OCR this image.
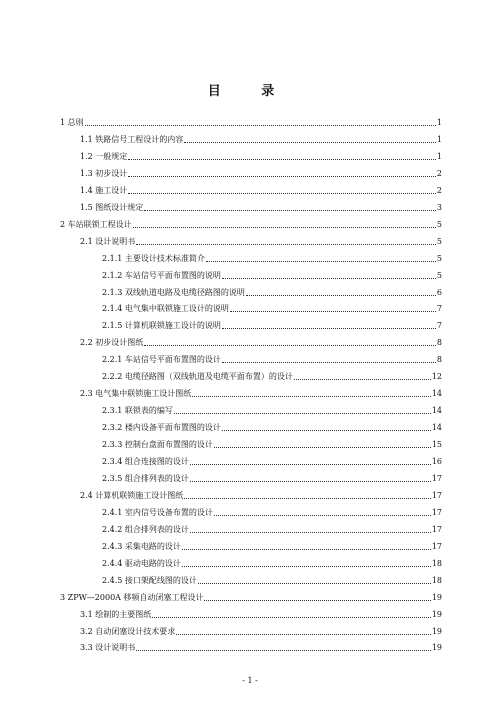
目 录
1 总则	1
1.1 铁路信号工程设计的内容	1
1.2 一般规定	1
1.3 初步设计	2
1.4 施工设计	2
1.5 图纸设计规定	3
2 车站联锁工程设计	5
2.1 设计说明书	5
2.1.1 主要设计技术标准简介	5
2.1.2 车站信号平面布置图的说明	5
2.1.3 双线轨道电路及电缆径路图的说明	6
2.1.4 电气集中联锁施工设计的说明	7
2.1.5 计算机联锁施工设计的说明	7
2.2 初步设计图纸	8
2.2.1 车站信号平面布置图的设计	8
2.2.2 电缆径路图（双线轨道及电缆平面布置）的设计	12
2.3 电气集中联锁施工设计图纸	14
2.3.1 联锁表的编写	14
2.3.2 楼内设备平面布置图的设计	14
2.3.3 控制台盘面布置图的设计	15
2.3.4 组合连接图的设计	16
2.3.5 组合排列表的设计	17
2.4 计算机联锁施工设计图纸	17
2.4.1 室内信号设备布置的设计	17
2.4.2 组合排列表的设计	17
2.4.3 采集电路的设计	17
2.4.4 驱动电路的设计	18
2.4.5 接口架配线图的设计	18
3 ZPW—2000A 移频自动闭塞工程设计	19
3.1 绘制的主要图纸	19
3.2 自动闭塞设计技术要求	19
3.3 设计说明书	19
- 1 -
